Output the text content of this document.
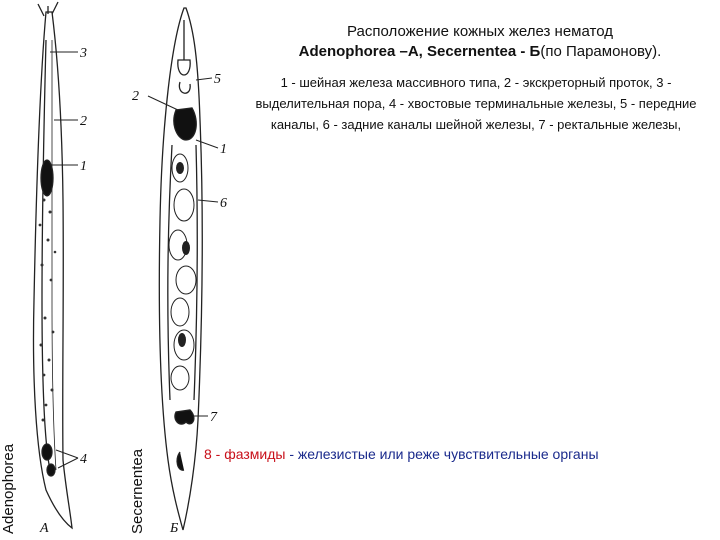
3
2
1
4
5
2
1
6
7
А	Б
Расположение кожных желез нематод
Adenophorea –А, Secernentea - Б(по Парамонову).
1 - шейная железа массивного типа, 2 - экскреторный проток, 3 - выделительная пора, 4 - хвостовые терминальные железы, 5 - передние каналы, 6 - задние каналы шейной железы, 7 - ректальные железы,
Adenophorea	Secernentea	8 - фазмиды - железистые или реже чувствительные органы
